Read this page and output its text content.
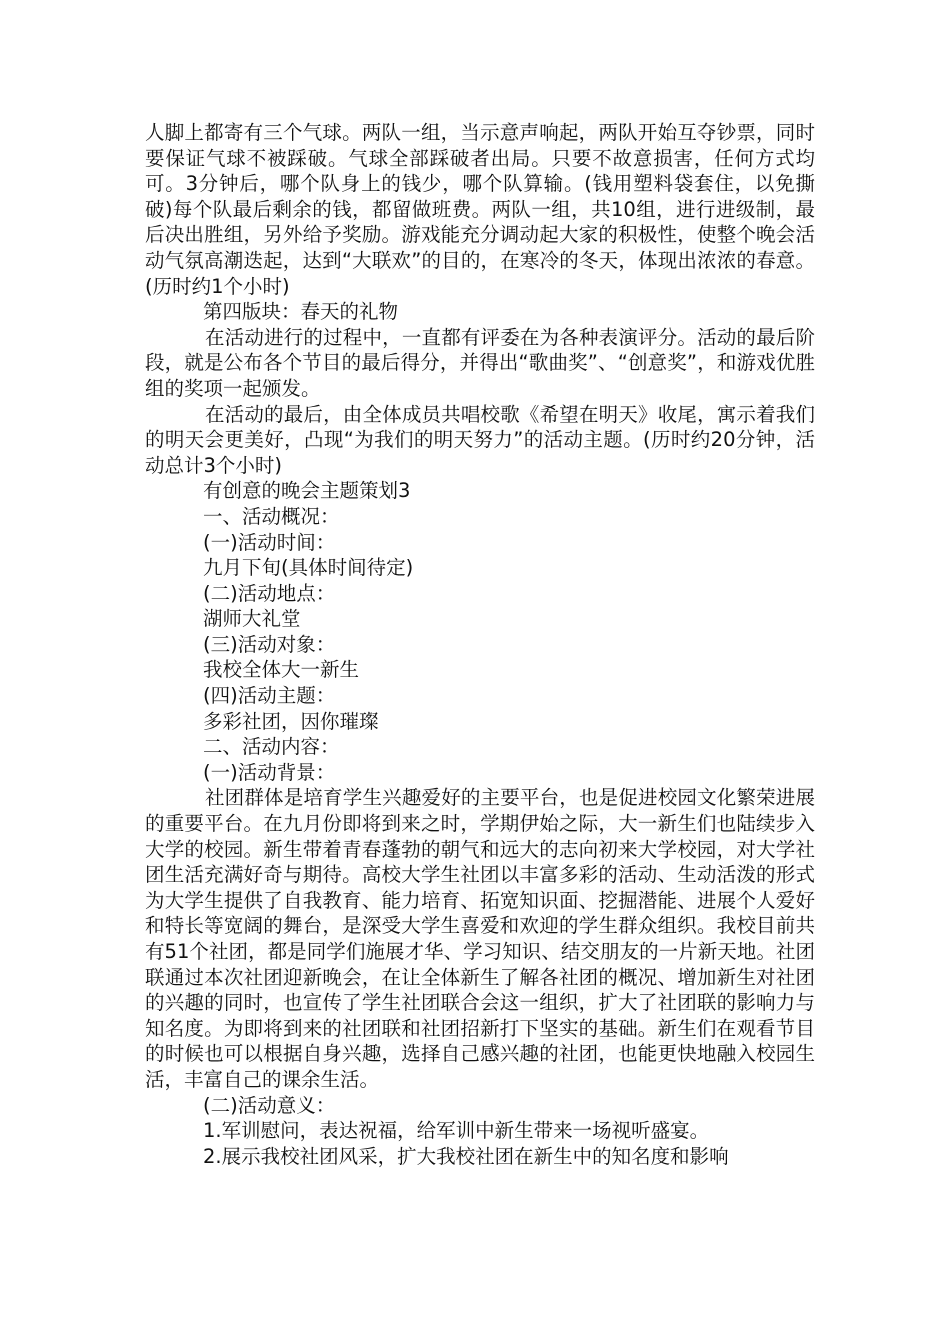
人脚上都寄有三个气球。两队一组，当示意声响起，两队开始互夺钞票，同时要保证气球不被踩破。气球全部踩破者出局。只要不故意损害，任何方式均可。3分钟后，哪个队身上的钱少，哪个队算输。(钱用塑料袋套住，以免撕破)每个队最后剩余的钱，都留做班费。两队一组，共10组，进行进级制，最后决出胜组，另外给予奖励。游戏能充分调动起大家的积极性，使整个晚会活动气氛高潮迭起，达到“大联欢”的目的，在寒冷的冬天，体现出浓浓的春意。(历时约1个小时)

第四版块：春天的礼物

在活动进行的过程中，一直都有评委在为各种表演评分。活动的最后阶段，就是公布各个节目的最后得分，并得出“歌曲奖”、“创意奖”，和游戏优胜组的奖项一起颁发。

在活动的最后，由全体成员共唱校歌《希望在明天》收尾，寓示着我们的明天会更美好，凸现“为我们的明天努力”的活动主题。(历时约20分钟，活动总计3个小时)

有创意的晚会主题策划3

一、活动概况：

(一)活动时间：

九月下旬(具体时间待定)

(二)活动地点：

湖师大礼堂

(三)活动对象：

我校全体大一新生

(四)活动主题：

多彩社团，因你璀璨

二、活动内容：

(一)活动背景：

社团群体是培育学生兴趣爱好的主要平台，也是促进校园文化繁荣进展的重要平台。在九月份即将到来之时，学期伊始之际，大一新生们也陆续步入大学的校园。新生带着青春蓬勃的朝气和远大的志向初来大学校园，对大学社团生活充满好奇与期待。高校大学生社团以丰富多彩的活动、生动活泼的形式为大学生提供了自我教育、能力培育、拓宽知识面、挖掘潜能、进展个人爱好和特长等宽阔的舞台，是深受大学生喜爱和欢迎的学生群众组织。我校目前共有51个社团，都是同学们施展才华、学习知识、结交朋友的一片新天地。社团联通过本次社团迎新晚会，在让全体新生了解各社团的概况、增加新生对社团的兴趣的同时，也宣传了学生社团联合会这一组织，扩大了社团联的影响力与知名度。为即将到来的社团联和社团招新打下坚实的基础。新生们在观看节目的时候也可以根据自身兴趣，选择自己感兴趣的社团，也能更快地融入校园生活，丰富自己的课余生活。

(二)活动意义：

1.军训慰问，表达祝福，给军训中新生带来一场视听盛宴。

2.展示我校社团风采，扩大我校社团在新生中的知名度和影响
